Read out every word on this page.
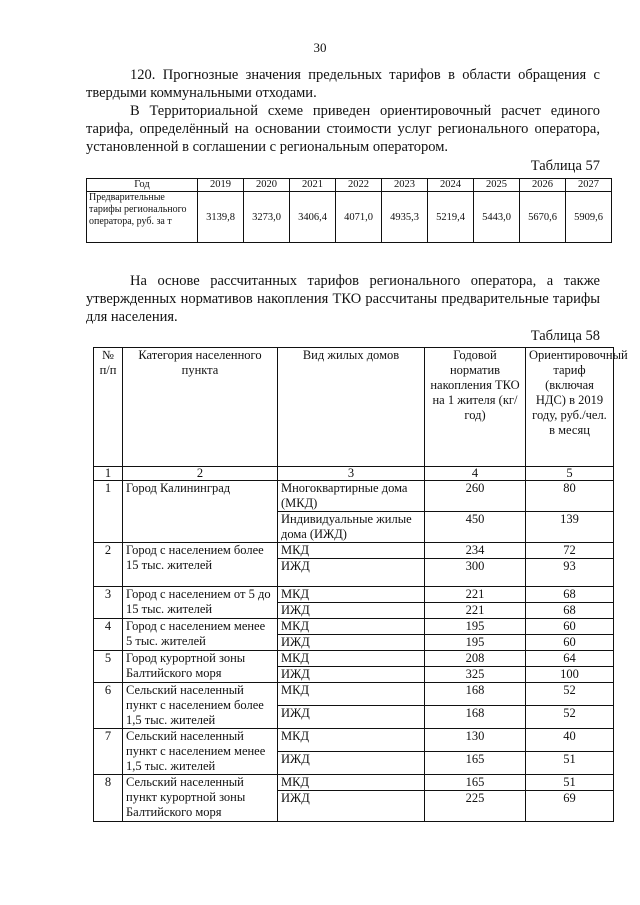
30

120. Прогнозные значения предельных тарифов в области обращения с твердыми коммунальными отходами.

В Территориальной схеме приведен ориентировочный расчет единого тарифа, определённый на основании стоимости услуг регионального оператора, установленной в соглашении с региональным оператором.

Таблица 57
Год	2019	2020	2021	2022	2023	2024	2025	2026	2027
Предварительные тарифы регионального оператора, руб. за т	3139,8	3273,0	3406,4	4071,0	4935,3	5219,4	5443,0	5670,6	5909,6

На основе рассчитанных тарифов регионального оператора, а также утвержденных нормативов накопления ТКО рассчитаны предварительные тарифы для населения.

Таблица 58
№ п/п	Категория населенного пункта	Вид жилых домов	Годовой норматив накопления ТКО на 1 жителя (кг/год)	Ориентировочный тариф (включая НДС) в 2019 году, руб./чел. в месяц
1	2	3	4	5
1	Город Калининград	Многоквартирные дома (МКД)	260	80
		Индивидуальные жилые дома (ИЖД)	450	139
2	Город с населением более 15 тыс. жителей	МКД	234	72
		ИЖД	300	93
3	Город с населением от 5 до 15 тыс. жителей	МКД	221	68
		ИЖД	221	68
4	Город с населением менее 5 тыс. жителей	МКД	195	60
		ИЖД	195	60
5	Город курортной зоны Балтийского моря	МКД	208	64
		ИЖД	325	100
6	Сельский населенный пункт с населением более 1,5 тыс. жителей	МКД	168	52
		ИЖД	168	52
7	Сельский населенный пункт с населением менее 1,5 тыс. жителей	МКД	130	40
		ИЖД	165	51
8	Сельский населенный пункт курортной зоны Балтийского моря	МКД	165	51
		ИЖД	225	69
